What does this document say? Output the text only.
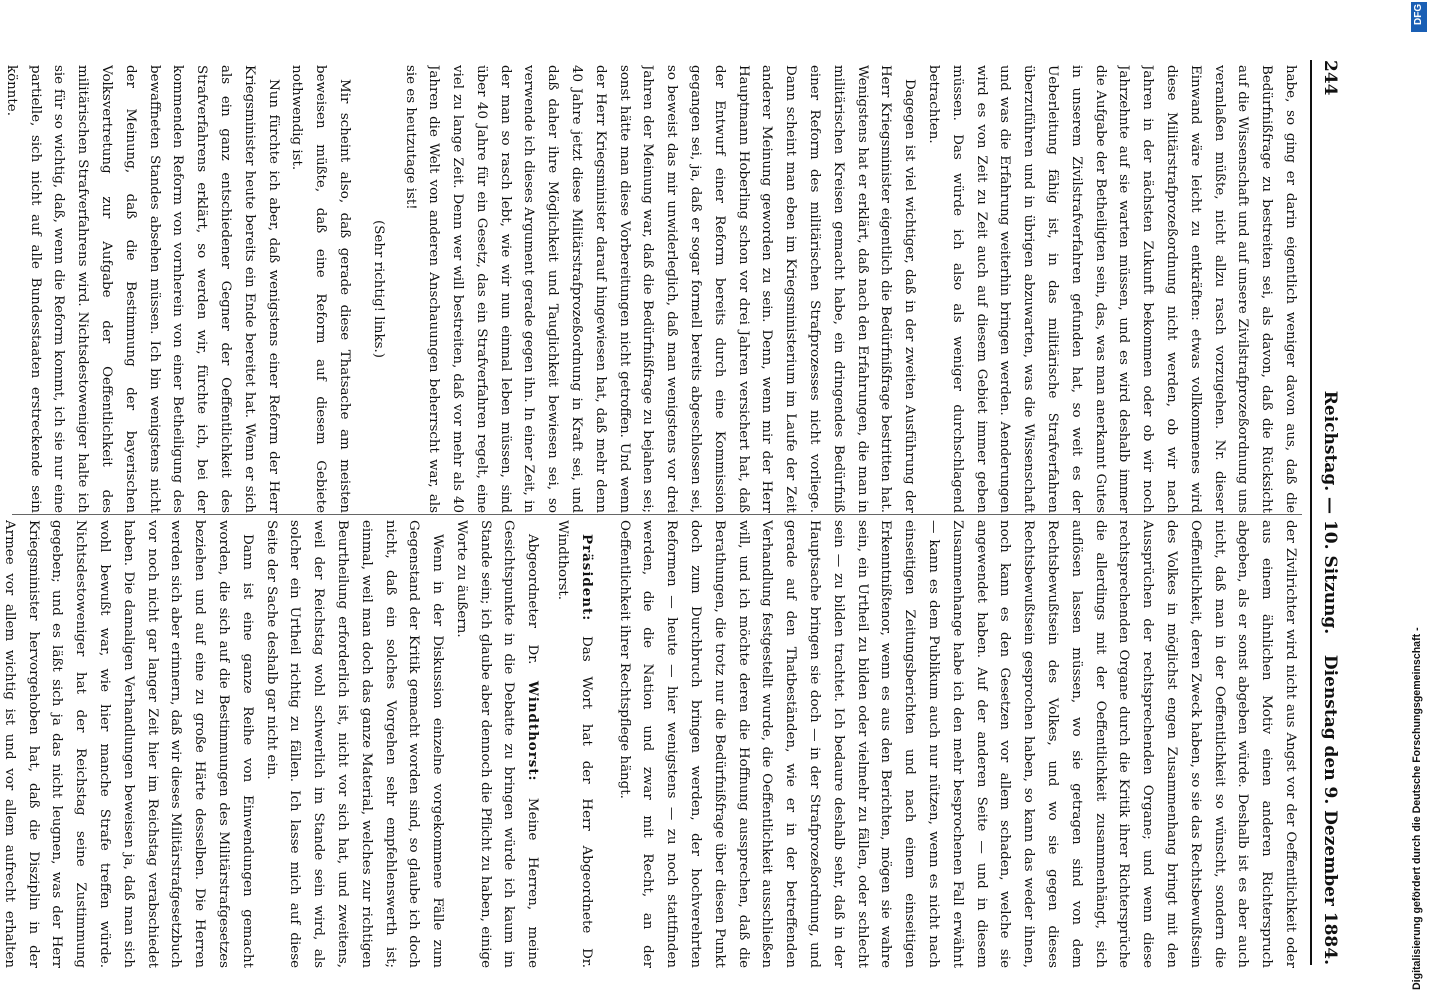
244
Reichstag. — 10. Sitzung.
Dienstag den 9. Dezember 1884.

habe, so ging er darin eigentlich weniger davon aus, daß die Bedürfnißfrage zu bestreiten sei, als davon, daß die Rücksicht auf die Wissenschaft und auf unsere Zivilstrafprozeßordnung uns veranlaßen müßte, nicht allzu rasch vorzugehen. Nr. dieser Einwand wäre leicht zu entkräften: etwas vollkommenes wird diese Militärstrafprozeßordnung nicht werden, ob wir nach Jahren in der nächsten Zukunft bekommen oder ob wir noch Jahrzehnte auf sie warten müssen, und es wird deshalb immer die Aufgabe der Betheiligten sein, das, was man anerkannt Gutes in unserem Zivilstrafverfahren gefunden hat, so weit es der Ueberleitung fähig ist, in das militärische Strafverfahren überzuführen und in übrigen abzuwarten, was die Wissenschaft und was die Erfahrung weiterhin bringen werden. Aenderungen wird es von Zeit zu Zeit auch auf diesem Gebiet immer geben müssen. Das würde ich also als weniger durchschlagend betrachten.

Dagegen ist viel wichtiger, daß in der zweiten Ausführung der Herr Kriegsminister eigentlich die Bedürfnißfrage bestritten hat. Wenigstens hat er erklärt, daß nach den Erfahrungen, die man in militärischen Kreisen gemacht habe, ein dringendes Bedürfniß einer Reform des militärischen Strafprozesses nicht vorliege. Dann scheint man eben im Kriegsministerium im Laufe der Zeit anderer Meinung geworden zu sein. Denn, wenn mir der Herr Hauptmann Hoberling schon vor drei Jahren versichert hat, daß der Entwurf einer Reform bereits durch eine Kommission gegangen sei, ja, daß er sogar formell bereits abgeschlossen sei, so beweist das mir unwiderleglich, daß man wenigstens vor drei Jahren der Meinung war, daß die Bedürfnißfrage zu bejahen sei; sonst hätte man diese Vorbereitungen nicht getroffen. Und wenn der Herr Kriegsminister darauf hingewiesen hat, daß mehr denn 40 Jahre jetzt diese Militärstrafprozeßordnung in Kraft sei, und daß daher ihre Möglichkeit und Tauglichkeit bewiesen sei, so verwende ich dieses Argument gerade gegen ihn. In einer Zeit, in der man so rasch lebt, wie wir nun einmal leben müssen, sind über 40 Jahre für ein Gesetz, das ein Strafverfahren regelt, eine viel zu lange Zeit. Denn wer will bestreiten, daß vor mehr als 40 Jahren die Welt von anderen Anschauungen beherrscht war, als sie es heutzutage ist!

(Sehr richtig! links.)

Mir scheint also, daß gerade diese Thatsache am meisten beweisen müßte, daß eine Reform auf diesem Gebiete nothwendig ist.

Nun fürchte ich aber, daß wenigstens einer Reform der Herr Kriegsminister heute bereits ein Ende bereitet hat. Wenn er sich als ein ganz entschiedener Gegner der Oeffentlichkeit des Strafverfahrens erklärt, so werden wir, fürchte ich, bei der kommenden Reform von vornherein von einer Betheiligung des bewaffneten Standes absehen müssen. Ich bin wenigstens nicht der Meinung, daß die Bestimmung der bayerischen Volksvertretung zur Aufgabe der Oeffentlichkeit des militärischen Strafverfahrens wird. Nichtsdestoweniger halte ich sie für so wichtig, daß, wenn die Reform kommt, ich sie nur eine partielle, sich nicht auf alle Bundesstaaten erstreckende sein könnte.

der Zivilrichter wird nicht aus Angst vor der Oeffentlichkeit oder aus einem ähnlichen Motiv einen anderen Richterspruch abgeben, als er sonst abgeben würde. Deshalb ist es aber auch nicht, daß man in der Oeffentlichkeit so wünscht, sondern die Oeffentlichkeit, deren Zweck haben, so sie das Rechtsbewußtsein des Volkes in möglichst engen Zusammenhang bringt mit den Aussprüchen der rechtsprechenden Organe; und wenn diese rechtsprechenden Organe durch die Kritik ihrer Richtersprüche die allerdings mit der Oeffentlichkeit zusammenhängt, sich auflösen lassen müssen, wo sie getragen sind von dem Rechtsbewußtsein des Volkes, und wo sie gegen dieses Rechtsbewußtsein gesprochen haben, so kann das weder ihnen, noch kann es den Gesetzen vor allem schaden, welche sie angewendet haben. Auf der anderen Seite — und in diesem Zusammenhange habe ich den mehr besprochenen Fall erwähnt — kann es dem Publikum auch nur nützen, wenn es nicht nach einseitigen Zeitungsberichten und nach einem einseitigen Erkenntnißtenor, wenn es aus den Berichten, mögen sie wahre sein, ein Urtheil zu bilden oder vielmehr zu fällen, oder schlecht sein — zu bilden trachtet. Ich bedaure deshalb sehr, daß in der Hauptsache bringen sie doch — in der Strafprozeßordnung, und gerade auf den Thatbeständen, wie er in der betreffenden Verhandlung festgestellt wurde, die Oeffentlichkeit ausschließen will, und ich möchte deren die Hoffnung aussprechen, daß die Berathungen, die trotz nur die Bedürfnißfrage über diesen Punkt doch zum Durchbruch bringen werden, der hochverehrten Reformen — heute — hier wenigstens — zu noch stattfinden werden, die die Nation und zwar mit Recht, an der Oeffentlichkeit ihrer Rechtspflege hängt.

Präsident: Das Wort hat der Herr Abgeordnete Dr. Windthorst.

Abgeordneter Dr. Windthorst: Meine Herren, meine Gesichtspunkte in die Debatte zu bringen würde ich kaum im Stande sein; ich glaube aber dennoch die Pflicht zu haben, einige Worte zu äußern.

Wenn in der Diskussion einzelne vorgekommene Fälle zum Gegenstand der Kritik gemacht worden sind, so glaube ich doch nicht, daß ein solches Vorgehen sehr empfehlenswerth ist; einmal, weil man doch das ganze Material, welches zur richtigen Beurtheilung erforderlich ist, nicht vor sich hat, und zweitens, weil der Reichstag wohl schwerlich im Stande sein wird, als solcher ein Urtheil richtig zu fällen. Ich lasse mich auf diese Seite der Sache deshalb gar nicht ein.

Dann ist eine ganze Reihe von Einwendungen gemacht worden, die sich auf die Bestimmungen des Militärstrafgesetzes beziehen und auf eine zu große Härte desselben. Die Herren werden sich aber erinnern, daß wir dieses Militärstrafgesetzbuch vor noch nicht gar langer Zeit hier im Reichstag verabschiedet haben. Die damaligen Verhandlungen beweisen ja, daß man sich wohl bewußt war, wie hier manche Strafe treffen würde. Nichtsdestoweniger hat der Reichstag seine Zustimmung gegeben; und es läßt sich ja das nicht leugnen, was der Herr Kriegsminister hervorgehoben hat, daß die Disziplin in der Armee vor allem wichtig ist und vor allem aufrecht erhalten

DFG
Digitalisierung gefördert durch die Deutsche Forschungsgemeinschaft -
